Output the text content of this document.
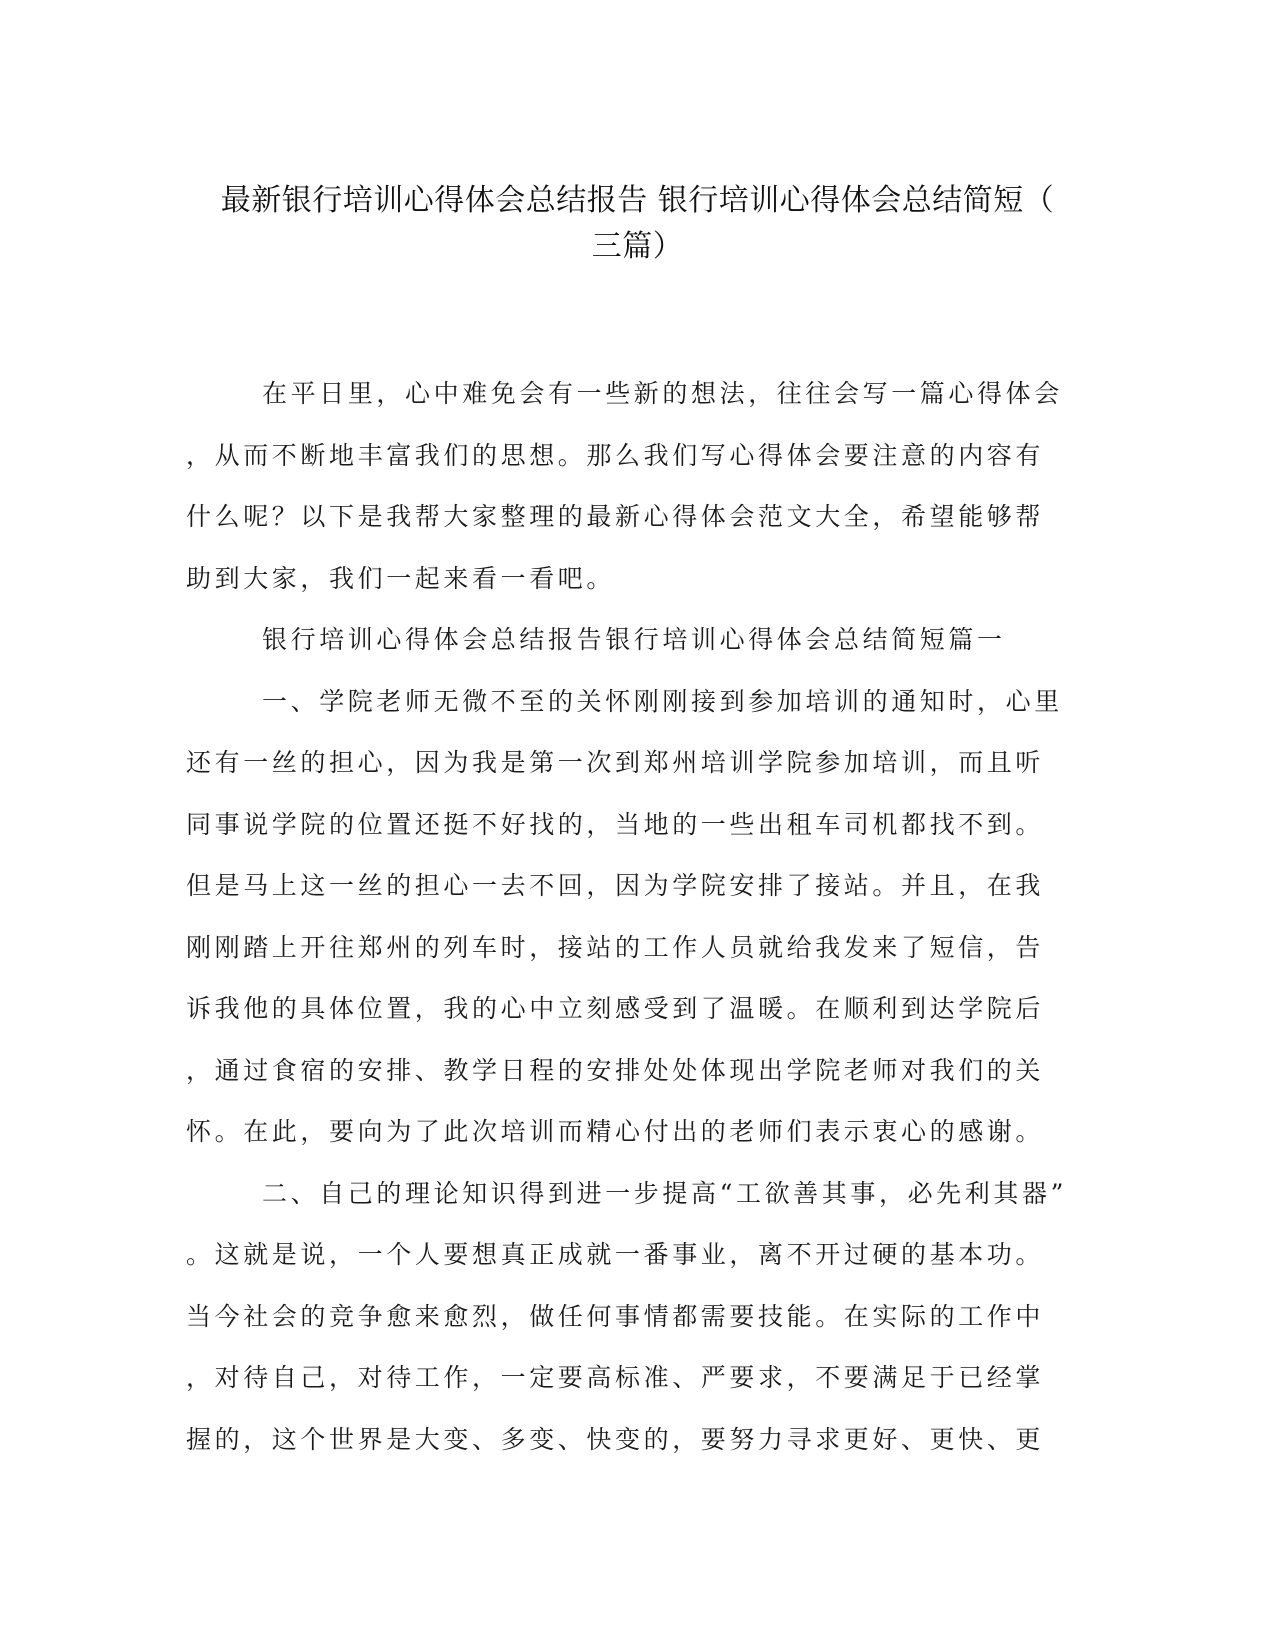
最新银行培训心得体会总结报告 银行培训心得体会总结简短（
三篇）
在平日里，心中难免会有一些新的想法，往往会写一篇心得体会
，从而不断地丰富我们的思想。那么我们写心得体会要注意的内容有
什么呢？以下是我帮大家整理的最新心得体会范文大全，希望能够帮
助到大家，我们一起来看一看吧。
银行培训心得体会总结报告银行培训心得体会总结简短篇一
一、学院老师无微不至的关怀刚刚接到参加培训的通知时，心里
还有一丝的担心，因为我是第一次到郑州培训学院参加培训，而且听
同事说学院的位置还挺不好找的，当地的一些出租车司机都找不到。
但是马上这一丝的担心一去不回，因为学院安排了接站。并且，在我
刚刚踏上开往郑州的列车时，接站的工作人员就给我发来了短信，告
诉我他的具体位置，我的心中立刻感受到了温暖。在顺利到达学院后
，通过食宿的安排、教学日程的安排处处体现出学院老师对我们的关
怀。在此，要向为了此次培训而精心付出的老师们表示衷心的感谢。
二、自己的理论知识得到进一步提高“工欲善其事，必先利其器”
。这就是说，一个人要想真正成就一番事业，离不开过硬的基本功。
当今社会的竞争愈来愈烈，做任何事情都需要技能。在实际的工作中
，对待自己，对待工作，一定要高标准、严要求，不要满足于已经掌
握的，这个世界是大变、多变、快变的，要努力寻求更好、更快、更
